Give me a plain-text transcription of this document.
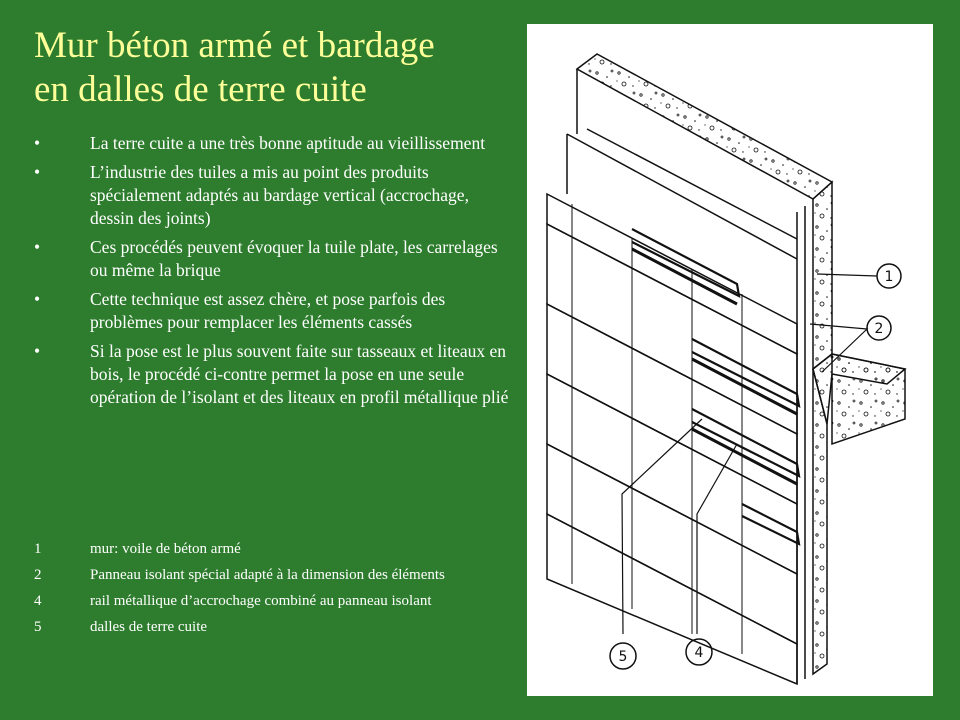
Mur béton armé et bardage
en dalles de terre cuite
•	La terre cuite a une très bonne aptitude au vieillissement
•	L’industrie des tuiles a mis au point des produits spécialement adaptés au bardage vertical (accrochage, dessin des joints)
•	Ces procédés peuvent évoquer la tuile plate, les carrelages ou même la brique
•	Cette technique est assez chère, et pose parfois des problèmes pour remplacer les éléments cassés
•	Si la pose est le plus souvent faite sur tasseaux et liteaux en bois, le procédé ci-contre permet la pose en une seule opération de l’isolant et des liteaux en profil métallique plié
1	mur: voile de béton armé
2	Panneau isolant spécial adapté à la dimension des éléments
4	rail métallique d’accrochage combiné au panneau isolant
5	dalles de terre cuite
1
2
5	4
